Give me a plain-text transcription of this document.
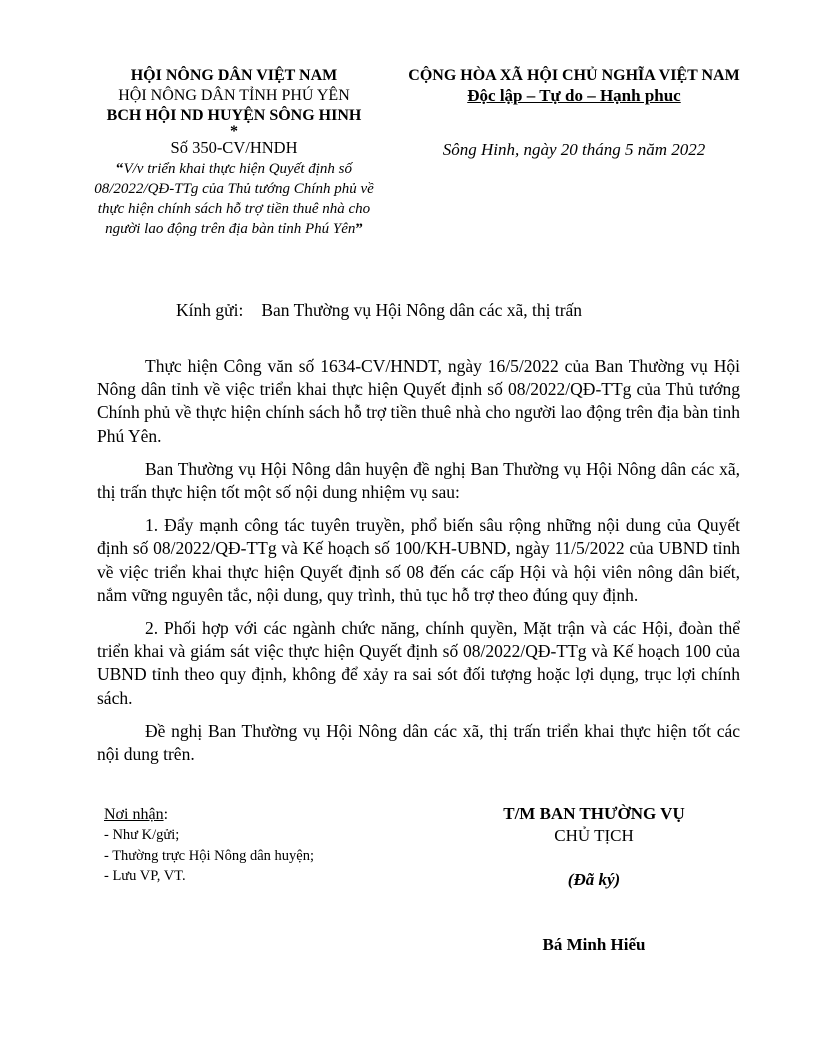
HỘI NÔNG DÂN VIỆT NAM
HỘI NÔNG DÂN TỈNH PHÚ YÊN
BCH HỘI ND HUYỆN SÔNG HINH
*
Số 350-CV/HNDH
“V/v triển khai thực hiện Quyết định số 08/2022/QĐ-TTg của Thủ tướng Chính phủ về thực hiện chính sách hỗ trợ tiền thuê nhà cho người lao động trên địa bàn tỉnh Phú Yên”
CỘNG HÒA XÃ HỘI CHỦ NGHĨA VIỆT NAM
Độc lập – Tự do – Hạnh phuc
Sông Hinh, ngày 20 tháng 5 năm 2022
Kính gửi: Ban Thường vụ Hội Nông dân các xã, thị trấn

Thực hiện Công văn số 1634-CV/HNDT, ngày 16/5/2022 của Ban Thường vụ Hội Nông dân tỉnh về việc triển khai thực hiện Quyết định số 08/2022/QĐ-TTg của Thủ tướng Chính phủ về thực hiện chính sách hỗ trợ tiền thuê nhà cho người lao động trên địa bàn tinh Phú Yên.

Ban Thường vụ Hội Nông dân huyện đề nghị Ban Thường vụ Hội Nông dân các xã, thị trấn thực hiện tốt một số nội dung nhiệm vụ sau:

1. Đẩy mạnh công tác tuyên truyền, phổ biến sâu rộng những nội dung của Quyết định số 08/2022/QĐ-TTg và Kế hoạch số 100/KH-UBND, ngày 11/5/2022 của UBND tỉnh về việc triển khai thực hiện Quyết định số 08 đến các cấp Hội và hội viên nông dân biết, nắm vững nguyên tắc, nội dung, quy trình, thủ tục hỗ trợ theo đúng quy định.

2. Phối hợp với các ngành chức năng, chính quyền, Mặt trận và các Hội, đoàn thể triển khai và giám sát việc thực hiện Quyết định số 08/2022/QĐ-TTg và Kế hoạch 100 của UBND tỉnh theo quy định, không để xảy ra sai sót đối tượng hoặc lợi dụng, trục lợi chính sách.

Đề nghị Ban Thường vụ Hội Nông dân các xã, thị trấn triển khai thực hiện tốt các nội dung trên.

Nơi nhận:
- Như K/gửi;
- Thường trực Hội Nông dân huyện;
- Lưu VP, VT.
T/M BAN THƯỜNG VỤ
CHỦ TỊCH
(Đã ký)
Bá Minh Hiếu
